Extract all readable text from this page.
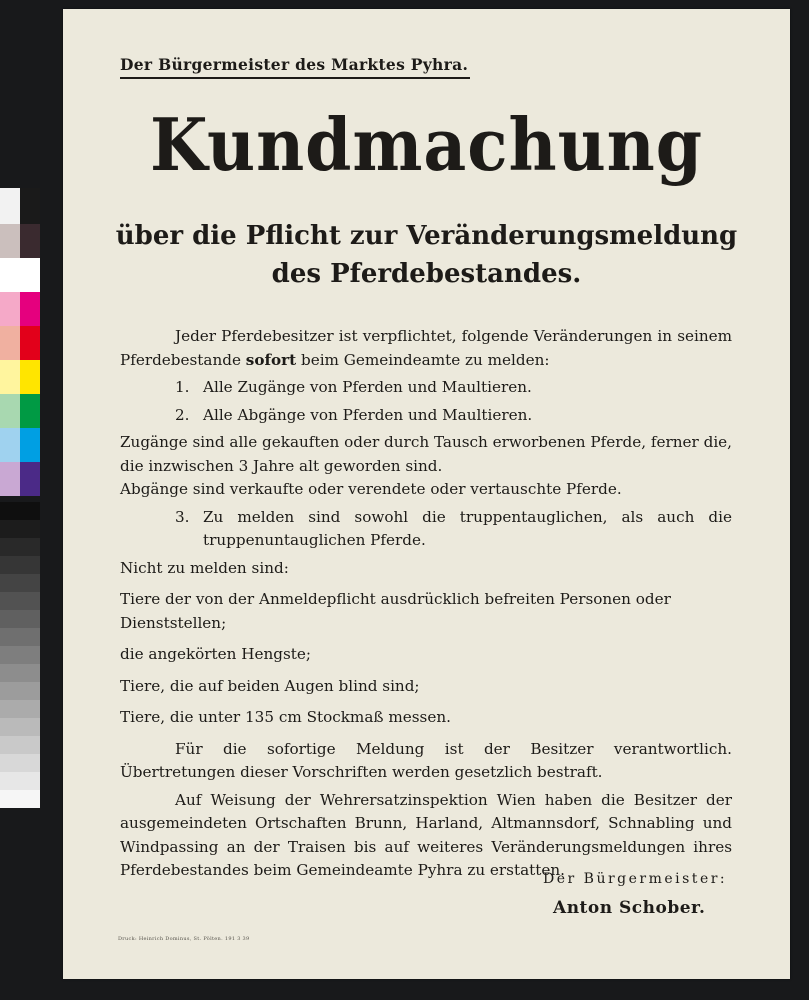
Der Bürgermeister des Marktes Pyhra.
Kundmachung
über die Pflicht zur Veränderungsmeldung
des Pferdebestandes.

Jeder Pferdebesitzer ist verpflichtet, folgende Veränderungen in seinem Pferdebestande sofort beim Gemeindeamte zu melden:

1. Alle Zugänge von Pferden und Maultieren.
2. Alle Abgänge von Pferden und Maultieren.

Zugänge sind alle gekauften oder durch Tausch erworbenen Pferde, ferner die, die inzwischen 3 Jahre alt geworden sind.

Abgänge sind verkaufte oder verendete oder vertauschte Pferde.

3. Zu melden sind sowohl die truppentauglichen, als auch die truppenuntauglichen Pferde.

Nicht zu melden sind:

Tiere der von der Anmeldepflicht ausdrücklich befreiten Personen oder

Dienststellen;

die angekörten Hengste;

Tiere, die auf beiden Augen blind sind;

Tiere, die unter 135 cm Stockmaß messen.

Für die sofortige Meldung ist der Besitzer verantwortlich. Übertretungen dieser Vorschriften werden gesetzlich bestraft.

Auf Weisung der Wehrersatzinspektion Wien haben die Besitzer der ausgemeindeten Ortschaften Brunn, Harland, Altmannsdorf, Schnabling und Windpassing an der Traisen bis auf weiteres Veränderungsmeldungen ihres Pferdebestandes beim Gemeindeamte Pyhra zu erstatten.

Der Bürgermeister:
Anton Schober.
Druck: Heinrich Dominus, St. Pölten. 191 3 39
